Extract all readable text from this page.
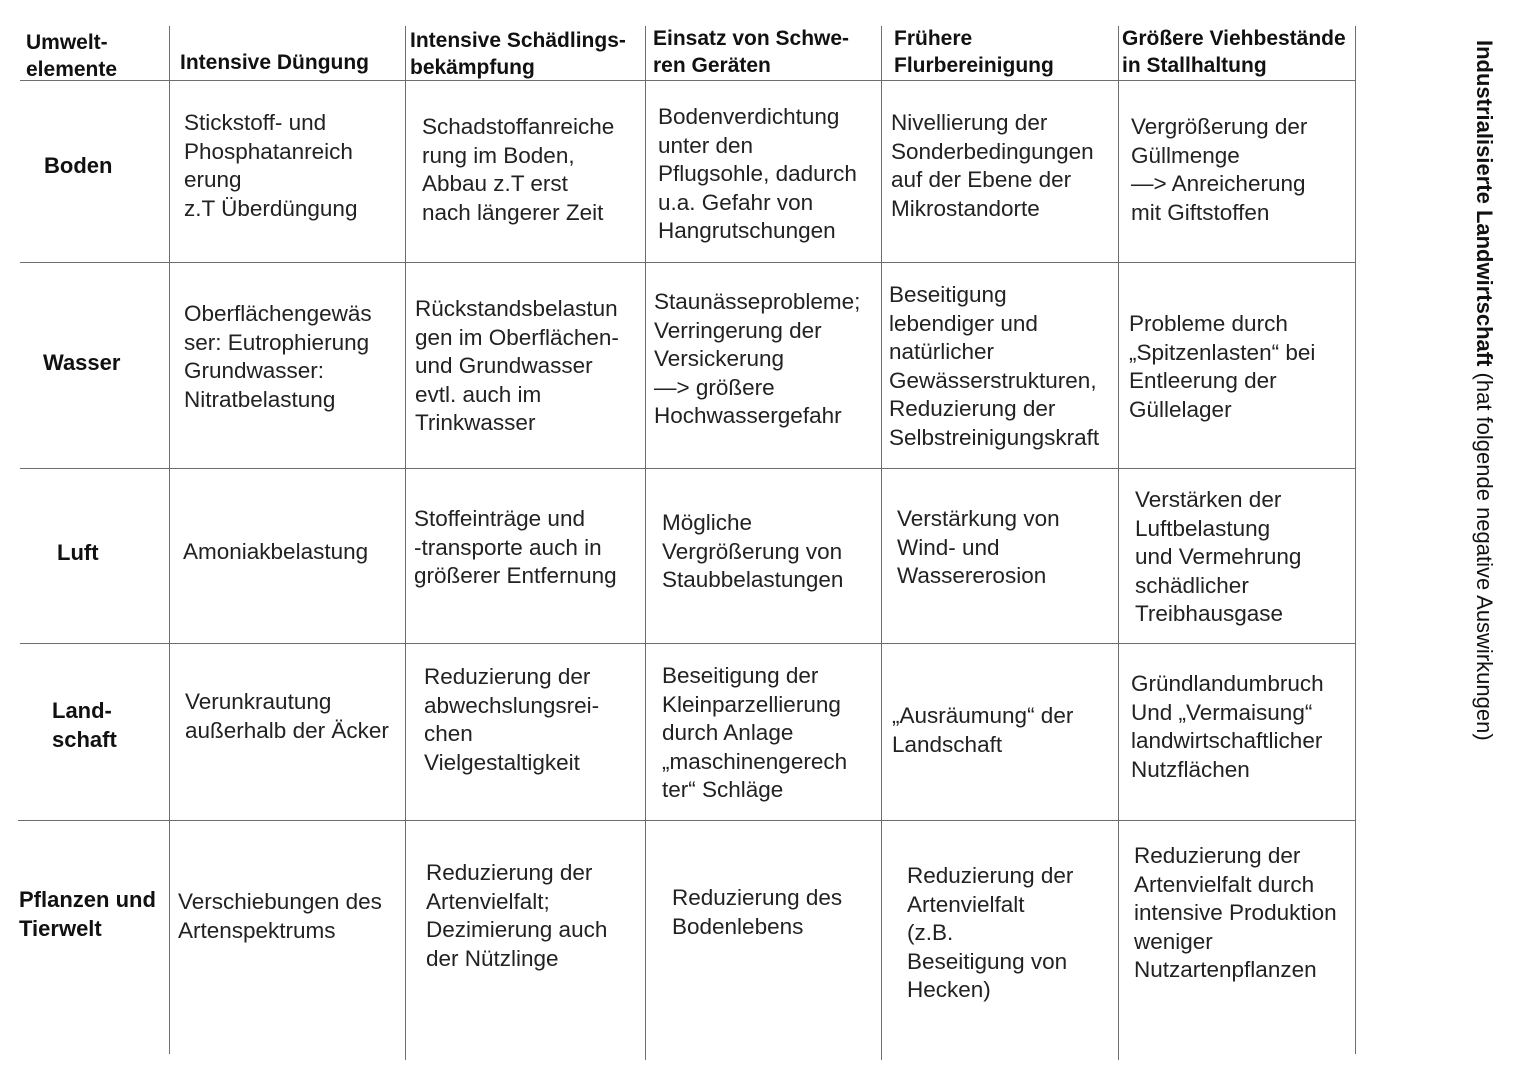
Umwelt-
elemente	Intensive Düngung
Intensive Schädlings-
bekämpfung
Einsatz von Schwe-
ren Geräten
Frühere
Flurbereinigung
Größere Viehbestände
in Stallhaltung
Boden
Wasser
Luft
Land-
schaft
Pflanzen und
Tierwelt
Stickstoff- und
Phosphatanreich
erung
z.T Überdüngung
Schadstoffanreiche
rung im Boden,
Abbau z.T erst
nach längerer Zeit
Bodenverdichtung
unter den
Pflugsohle, dadurch
u.a. Gefahr von
Hangrutschungen
Nivellierung der
Sonderbedingungen
auf der Ebene der
Mikrostandorte
Vergrößerung der
Güllmenge
—> Anreicherung
mit Giftstoffen
Oberflächengewäs
ser: Eutrophierung
Grundwasser:
Nitratbelastung
Rückstandsbelastun
gen im Oberflächen-
und Grundwasser
evtl. auch im
Trinkwasser
Staunässeprobleme;
Verringerung der
Versickerung
—> größere
Hochwassergefahr
Beseitigung
lebendiger und
natürlicher
Gewässerstrukturen,
Reduzierung der
Selbstreinigungskraft
Probleme durch
„Spitzenlasten“ bei
Entleerung der
Güllelager
Amoniakbelastung
Stoffeinträge und
-transporte auch in
größerer Entfernung
Mögliche
Vergrößerung von
Staubbelastungen
Verstärkung von
Wind- und
Wassererosion
Verstärken der
Luftbelastung
und Vermehrung
schädlicher
Treibhausgase
Verunkrautung
außerhalb der Äcker
Reduzierung der
abwechslungsrei-
chen
Vielgestaltigkeit
Beseitigung der
Kleinparzellierung
durch Anlage
„maschinengerech
ter“ Schläge
„Ausräumung“ der
Landschaft
Gründlandumbruch
Und „Vermaisung“
landwirtschaftlicher
Nutzflächen
Verschiebungen des
Artenspektrums
Reduzierung der
Artenvielfalt;
Dezimierung auch
der Nützlinge
Reduzierung des
Bodenlebens
Reduzierung der
Artenvielfalt
(z.B.
Beseitigung von
Hecken)
Reduzierung der
Artenvielfalt durch
intensive Produktion
weniger
Nutzartenpflanzen
Industrialisierte Landwirtschaft (hat folgende negative Auswirkungen)
